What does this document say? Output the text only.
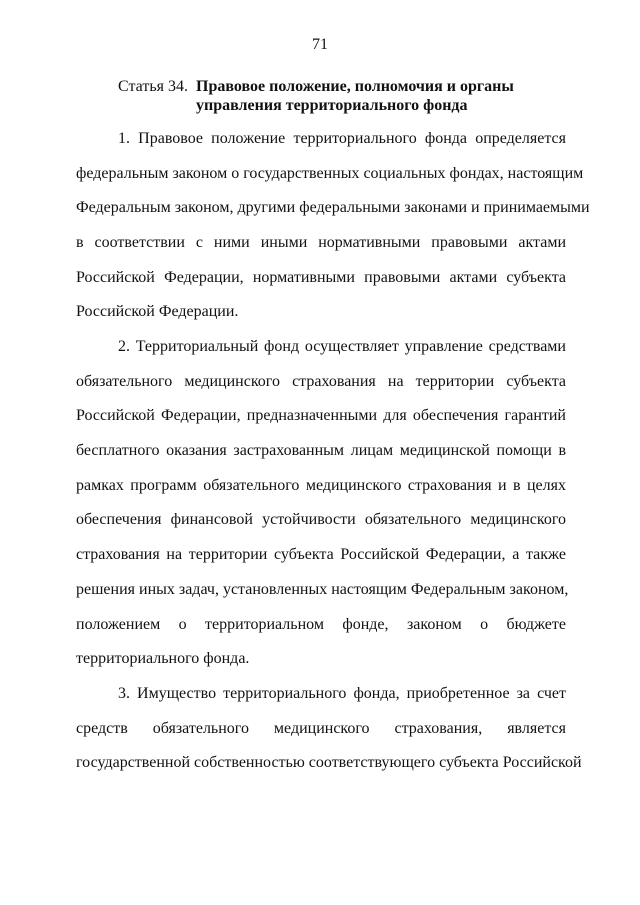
71
Статья 34. Правовое положение, полномочия и органы
управления территориального фонда
1. Правовое положение территориального фонда определяется
федеральным законом о государственных социальных фондах, настоящим
Федеральным законом, другими федеральными законами и принимаемыми
в соответствии с ними иными нормативными правовыми актами
Российской Федерации, нормативными правовыми актами субъекта
Российской Федерации.
2. Территориальный фонд осуществляет управление средствами
обязательного медицинского страхования на территории субъекта
Российской Федерации, предназначенными для обеспечения гарантий
бесплатного оказания застрахованным лицам медицинской помощи в
рамках программ обязательного медицинского страхования и в целях
обеспечения финансовой устойчивости обязательного медицинского
страхования на территории субъекта Российской Федерации, а также
решения иных задач, установленных настоящим Федеральным законом,
положением о территориальном фонде, законом о бюджете
территориального фонда.
3. Имущество территориального фонда, приобретенное за счет
средств обязательного медицинского страхования, является
государственной собственностью соответствующего субъекта Российской
